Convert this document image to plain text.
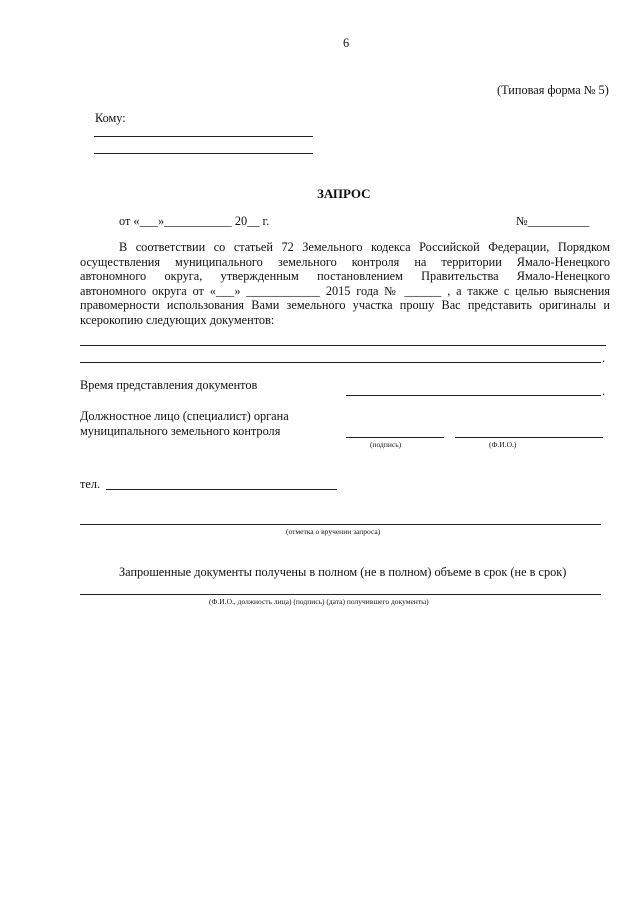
6
(Типовая форма № 5)
Кому:
ЗАПРОС
от «___»___________ 20__ г.	№__________
В соответствии со статьей 72 Земельного кодекса Российской Федерации, Порядком
осуществления муниципального земельного контроля на территории Ямало-Ненецкого
автономного округа, утвержденным постановлением Правительства Ямало-Ненецкого
автономного округа от «___» ____________ 2015 года № ______ , а также с целью выяснения
правомерности использования Вами земельного участка прошу Вас представить оригиналы и
ксерокопию следующих документов:
.
Время представления документов	.
Должностное лицо (специалист) органа
муниципального земельного контроля
(подпись)	(Ф.И.О.)
тел.
(отметка о вручении запроса)
Запрошенные документы получены в полном (не в полном) объеме в срок (не в срок)
(Ф.И.О., должность лица) (подпись) (дата) получившего документы)
